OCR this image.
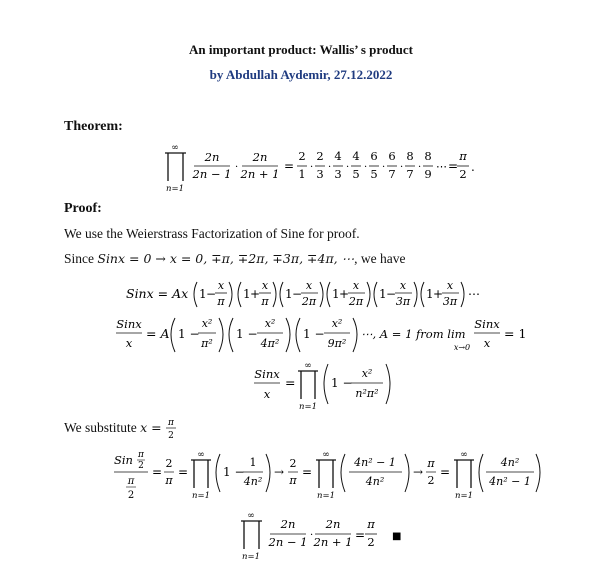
An important product: Wallis’ s product
by Abdullah Aydemir, 27.12.2022
Theorem:
∞
n=1
2n
2n − 1 ·
2n
2n + 1
=
2
1 ·
2
3 ·
4
3 ·
4
5 ·
6
5 ·
6
7 ·
8
7 ·
8
9
⋯ =
π
2 .
Proof:
We use the Weierstrass Factorization of Sine for proof.
Since Sinx = 0 → x = 0, ∓π, ∓2π, ∓3π, ∓4π, ⋯, we have
Sinx = Ax 1 −
x
π
1 +
x
π
1 −
x
2π
1 +
x
2π
1 −
x
3π
1 +
x
3π
⋯
Sinx
x
= A 1 −
x²
π²
1 −
x²
4π²
1 −
x²
9π²
⋯, A = 1 from lim
x→0
Sinx
x
= 1
Sinx
x
=
∞
n=1
1 −
x²
n²π²
We substitute x = π
2
Sin π
2
π
2
=
2
π
=
∞
n=1
1 −
1
4n²
→
2
π
=
∞
n=1
4n² − 1
4n²
→
π
2
=
∞
n=1
4n²
4n² − 1
∞
n=1
2n
2n − 1 ·
2n
2n + 1 =
π
2 ■
